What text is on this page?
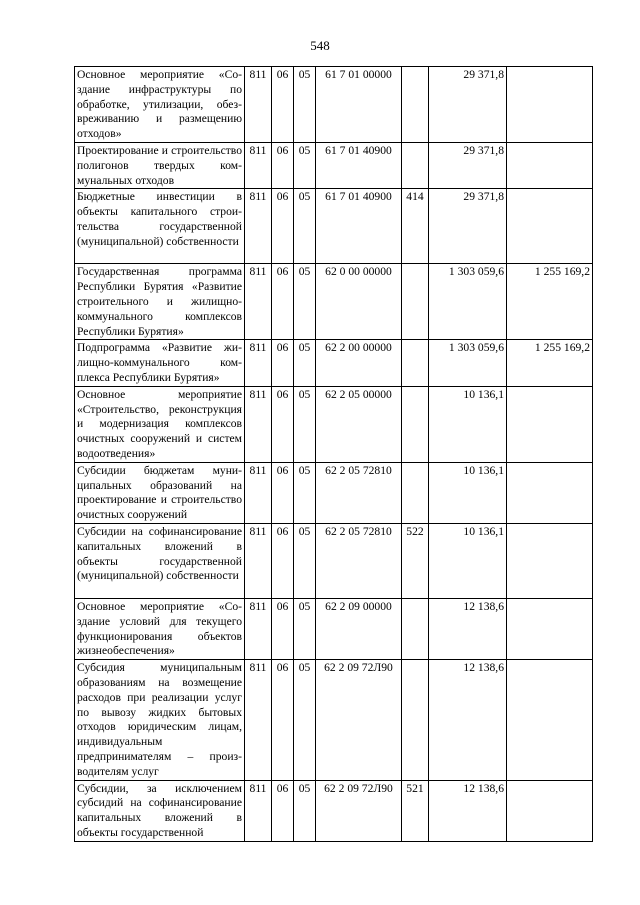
548
Основное мероприятие «Создание инфраструктуры по обработке, утилизации, обезвреживанию и размещению отходов»	811	06	05	61 7 01 00000		29 371,8	
Проектирование и строительство полигонов твердых коммунальных отходов	811	06	05	61 7 01 40900		29 371,8	
Бюджетные инвестиции в объекты капитального строительства государственной (муниципальной) собственности	811	06	05	61 7 01 40900	414	29 371,8	
Государственная программа Республики Бурятия «Развитие строительного и жилищно-коммунального комплексов Республики Бурятия»	811	06	05	62 0 00 00000		1 303 059,6	1 255 169,2
Подпрограмма «Развитие жилищно-коммунального комплекса Республики Бурятия»	811	06	05	62 2 00 00000		1 303 059,6	1 255 169,2
Основное мероприятие «Строительство, реконструкция и модернизация комплексов очистных сооружений и систем водоотведения»	811	06	05	62 2 05 00000		10 136,1	
Субсидии бюджетам муниципальных образований на проектирование и строительство очистных сооружений	811	06	05	62 2 05 72810		10 136,1	
Субсидии на софинансирование капитальных вложений в объекты государственной (муниципальной) собственности	811	06	05	62 2 05 72810	522	10 136,1	
Основное мероприятие «Создание условий для текущего функционирования объектов жизнеобеспечения»	811	06	05	62 2 09 00000		12 138,6	
Субсидия муниципальным образованиям на возмещение расходов при реализации услуг по вывозу жидких бытовых отходов юридическим лицам, индивидуальным предпринимателям – производителям услуг	811	06	05	62 2 09 72Л90		12 138,6	
Субсидии, за исключением субсидий на софинансирование капитальных вложений в объекты государственной	811	06	05	62 2 09 72Л90	521	12 138,6	
